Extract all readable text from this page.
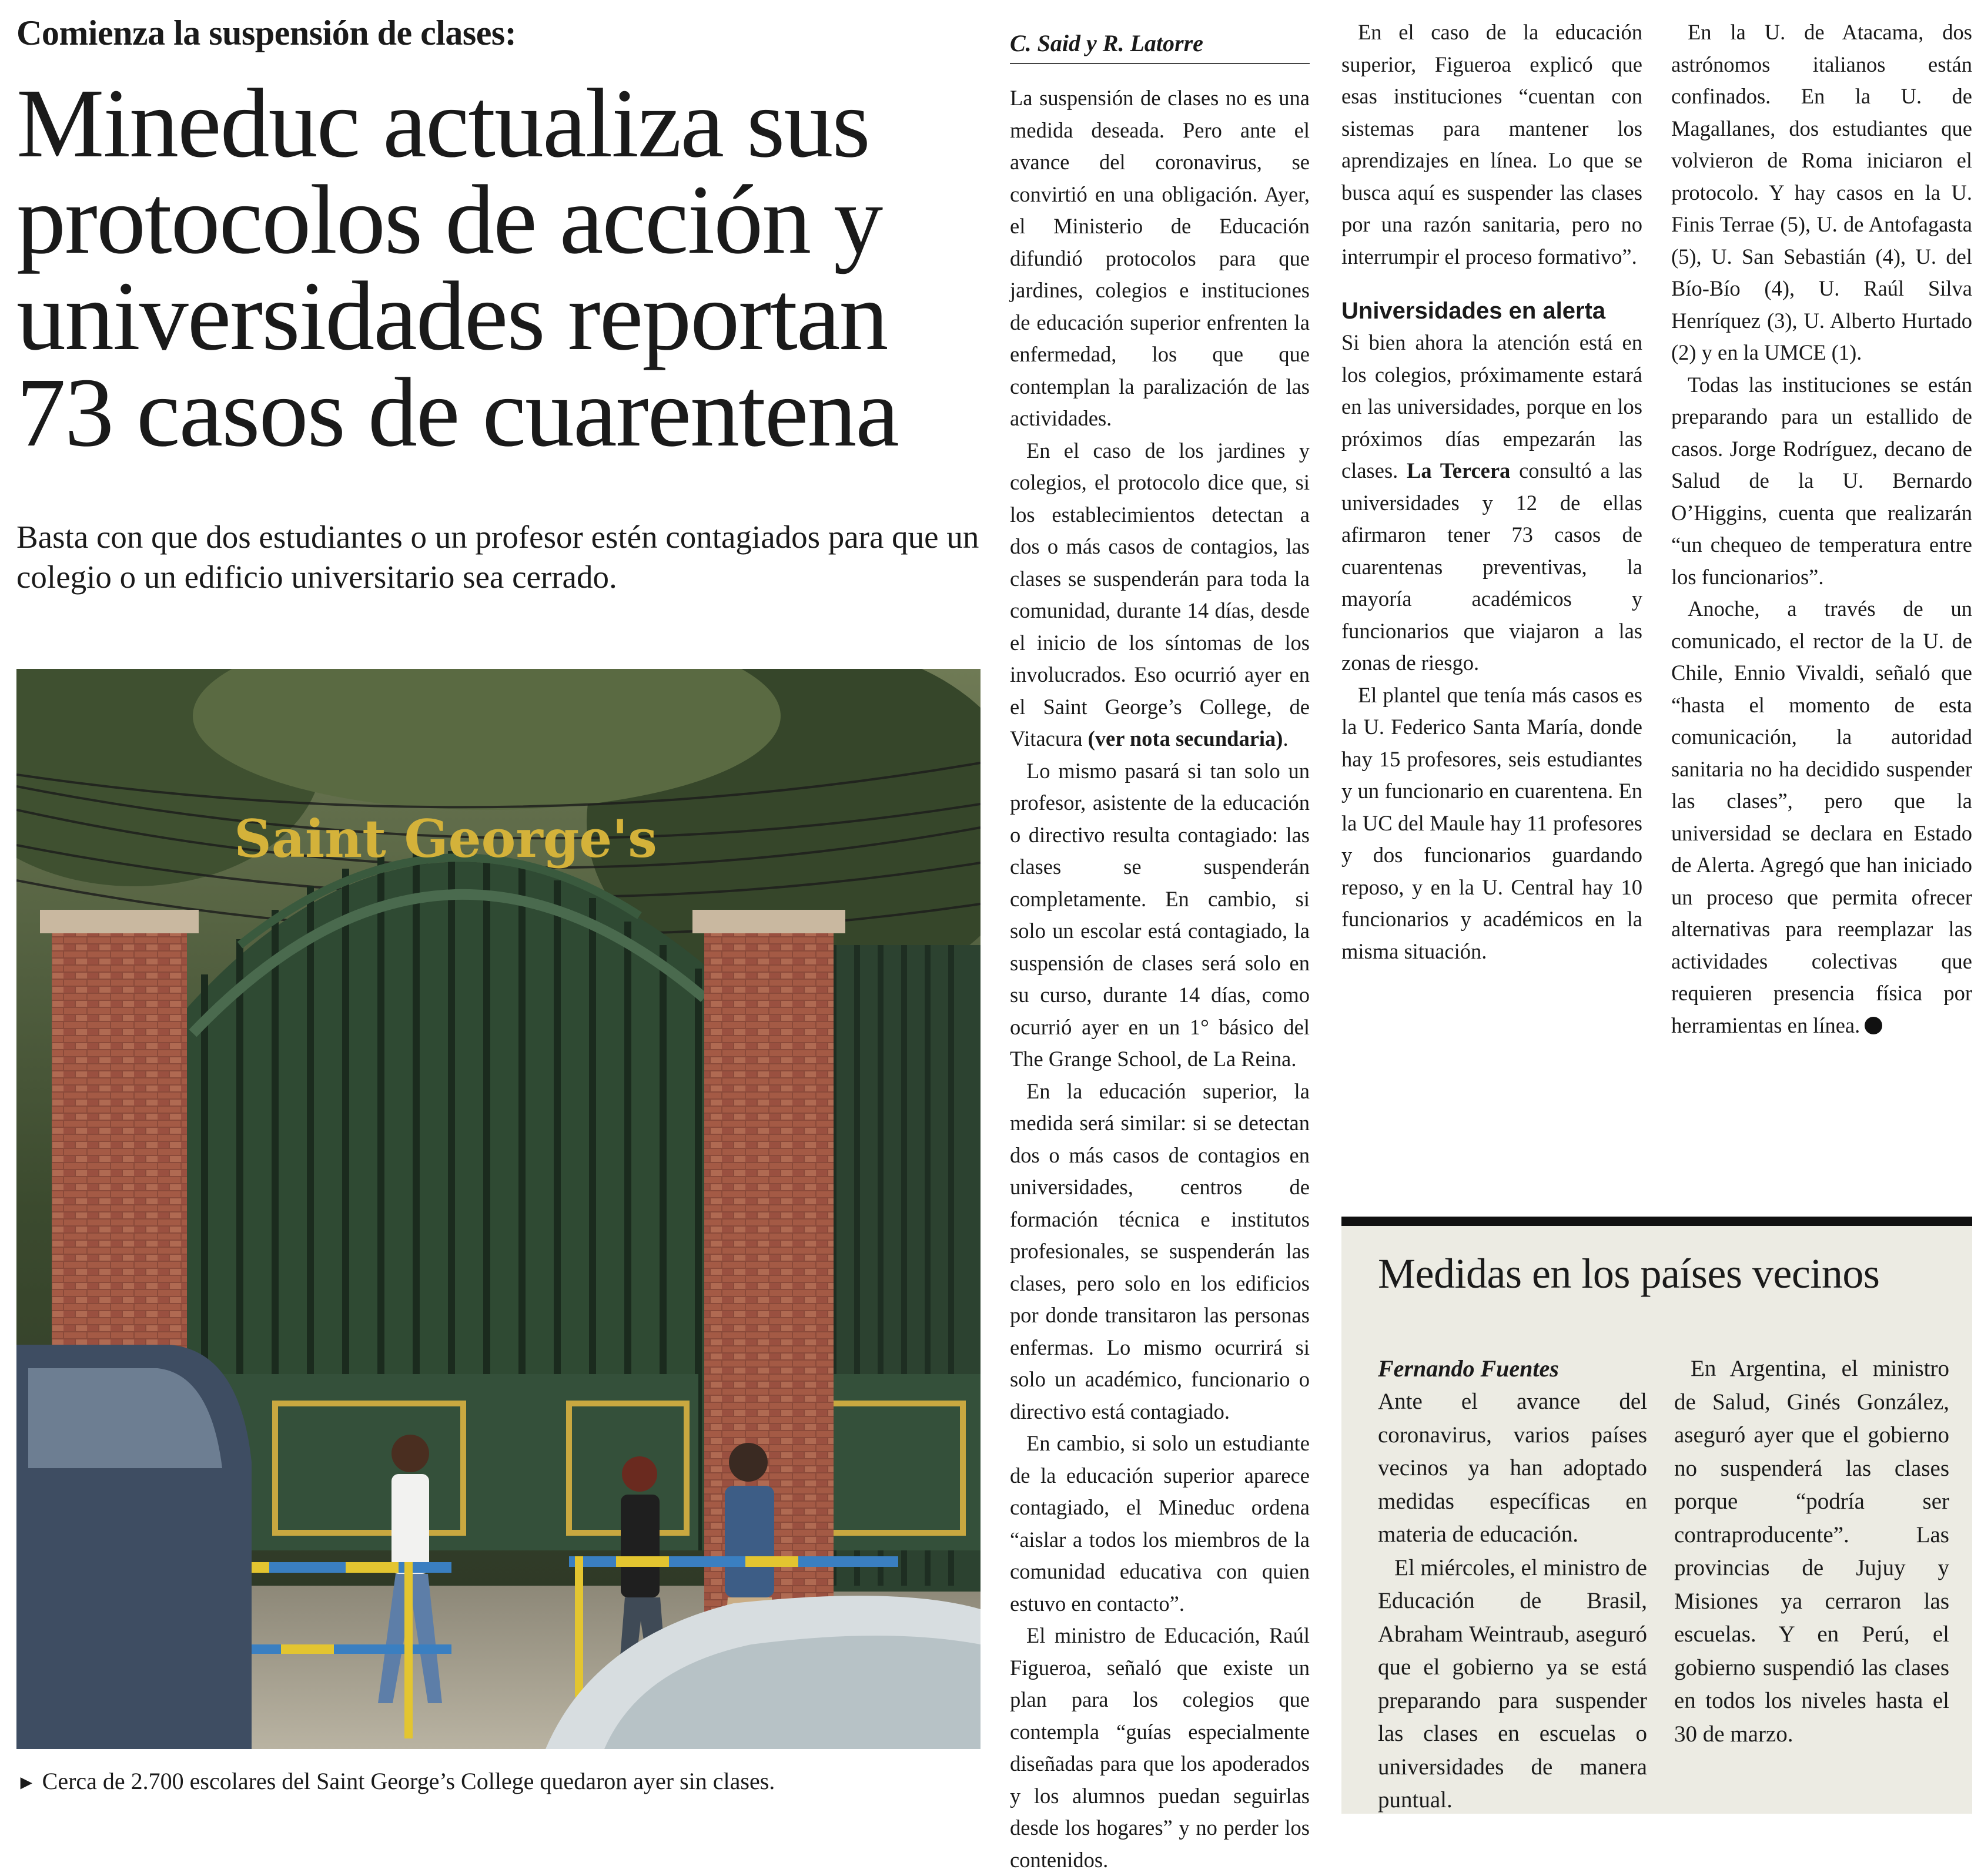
Comienza la suspensión de clases:
Mineduc actualiza sus
protocolos de acción y
universidades reportan
73 casos de cuarentena
Basta con que dos estudiantes o un profesor estén contagiados para que un colegio o un edificio universitario sea cerrado.
Saint George's
► Cerca de 2.700 escolares del Saint George’s College quedaron ayer sin clases.
C. Said y R. Latorre

La suspensión de clases no es una medida deseada. Pero ante el avance del coronavirus, se convirtió en una obligación. Ayer, el Ministerio de Educación difundió protocolos para que jardines, colegios e instituciones de educación superior enfrenten la enfermedad, los que que contemplan la paralización de las actividades.

En el caso de los jardines y colegios, el protocolo dice que, si los establecimientos detectan a dos o más casos de contagios, las clases se suspenderán para toda la comunidad, durante 14 días, desde el inicio de los síntomas de los involucrados. Eso ocurrió ayer en el Saint George’s College, de Vitacura (ver nota secundaria).

Lo mismo pasará si tan solo un profesor, asistente de la educación o directivo resulta contagiado: las clases se suspenderán completamente. En cambio, si solo un escolar está contagiado, la suspensión de clases será solo en su curso, durante 14 días, como ocurrió ayer en un 1° básico del The Grange School, de La Reina.

En la educación superior, la medida será similar: si se detectan dos o más casos de contagios en universidades, centros de formación técnica e institutos profesionales, se suspenderán las clases, pero solo en los edificios por donde transitaron las personas enfermas. Lo mismo ocurrirá si solo un académico, funcionario o directivo está contagiado.

En cambio, si solo un estudiante de la educación superior aparece contagiado, el Mineduc ordena “aislar a todos los miembros de la comunidad educativa con quien estuvo en contacto”.

El ministro de Educación, Raúl Figueroa, señaló que existe un plan para los colegios que contempla “guías especialmente diseñadas para que los apoderados y los alumnos puedan seguirlas desde los hogares” y no perder los contenidos.

En el caso de la educación superior, Figueroa explicó que esas instituciones “cuentan con sistemas para mantener los aprendizajes en línea. Lo que se busca aquí es suspender las clases por una razón sanitaria, pero no interrumpir el proceso formativo”.

Universidades en alerta

Si bien ahora la atención está en los colegios, próximamente estará en las universidades, porque en los próximos días empezarán las clases. La Tercera consultó a las universidades y 12 de ellas afirmaron tener 73 casos de cuarentenas preventivas, la mayoría académicos y funcionarios que viajaron a las zonas de riesgo.

El plantel que tenía más casos es la U. Federico Santa María, donde hay 15 profesores, seis estudiantes y un funcionario en cuarentena. En la UC del Maule hay 11 profesores y dos funcionarios guardando reposo, y en la U. Central hay 10 funcionarios y académicos en la misma situación.

En la U. de Atacama, dos astrónomos italianos están confinados. En la U. de Magallanes, dos estudiantes que volvieron de Roma iniciaron el protocolo. Y hay casos en la U. Finis Terrae (5), U. de Antofagasta (5), U. San Sebastián (4), U. del Bío-Bío (4), U. Raúl Silva Henríquez (3), U. Alberto Hurtado (2) y en la UMCE (1).

Todas las instituciones se están preparando para un estallido de casos. Jorge Rodríguez, decano de Salud de la U. Bernardo O’Higgins, cuenta que realizarán “un chequeo de temperatura entre los funcionarios”.

Anoche, a través de un comunicado, el rector de la U. de Chile, Ennio Vivaldi, señaló que “hasta el momento de esta comunicación, la autoridad sanitaria no ha decidido suspender las clases”, pero que la universidad se declara en Estado de Alerta. Agregó que han iniciado un proceso que permita ofrecer alternativas para reemplazar las actividades colectivas que requieren presencia física por herramientas en línea.

Medidas en los países vecinos
Fernando Fuentes

Ante el avance del coronavirus, varios países vecinos ya han adoptado medidas específicas en materia de educación.

El miércoles, el ministro de Educación de Brasil, Abraham Weintraub, aseguró que el gobierno ya se está preparando para suspender las clases en escuelas o universidades de manera puntual.

En Argentina, el ministro de Salud, Ginés González, aseguró ayer que el gobierno no suspenderá las clases porque “podría ser contraproducente”. Las provincias de Jujuy y Misiones ya cerraron las escuelas. Y en Perú, el gobierno suspendió las clases en todos los niveles hasta el 30 de marzo.
